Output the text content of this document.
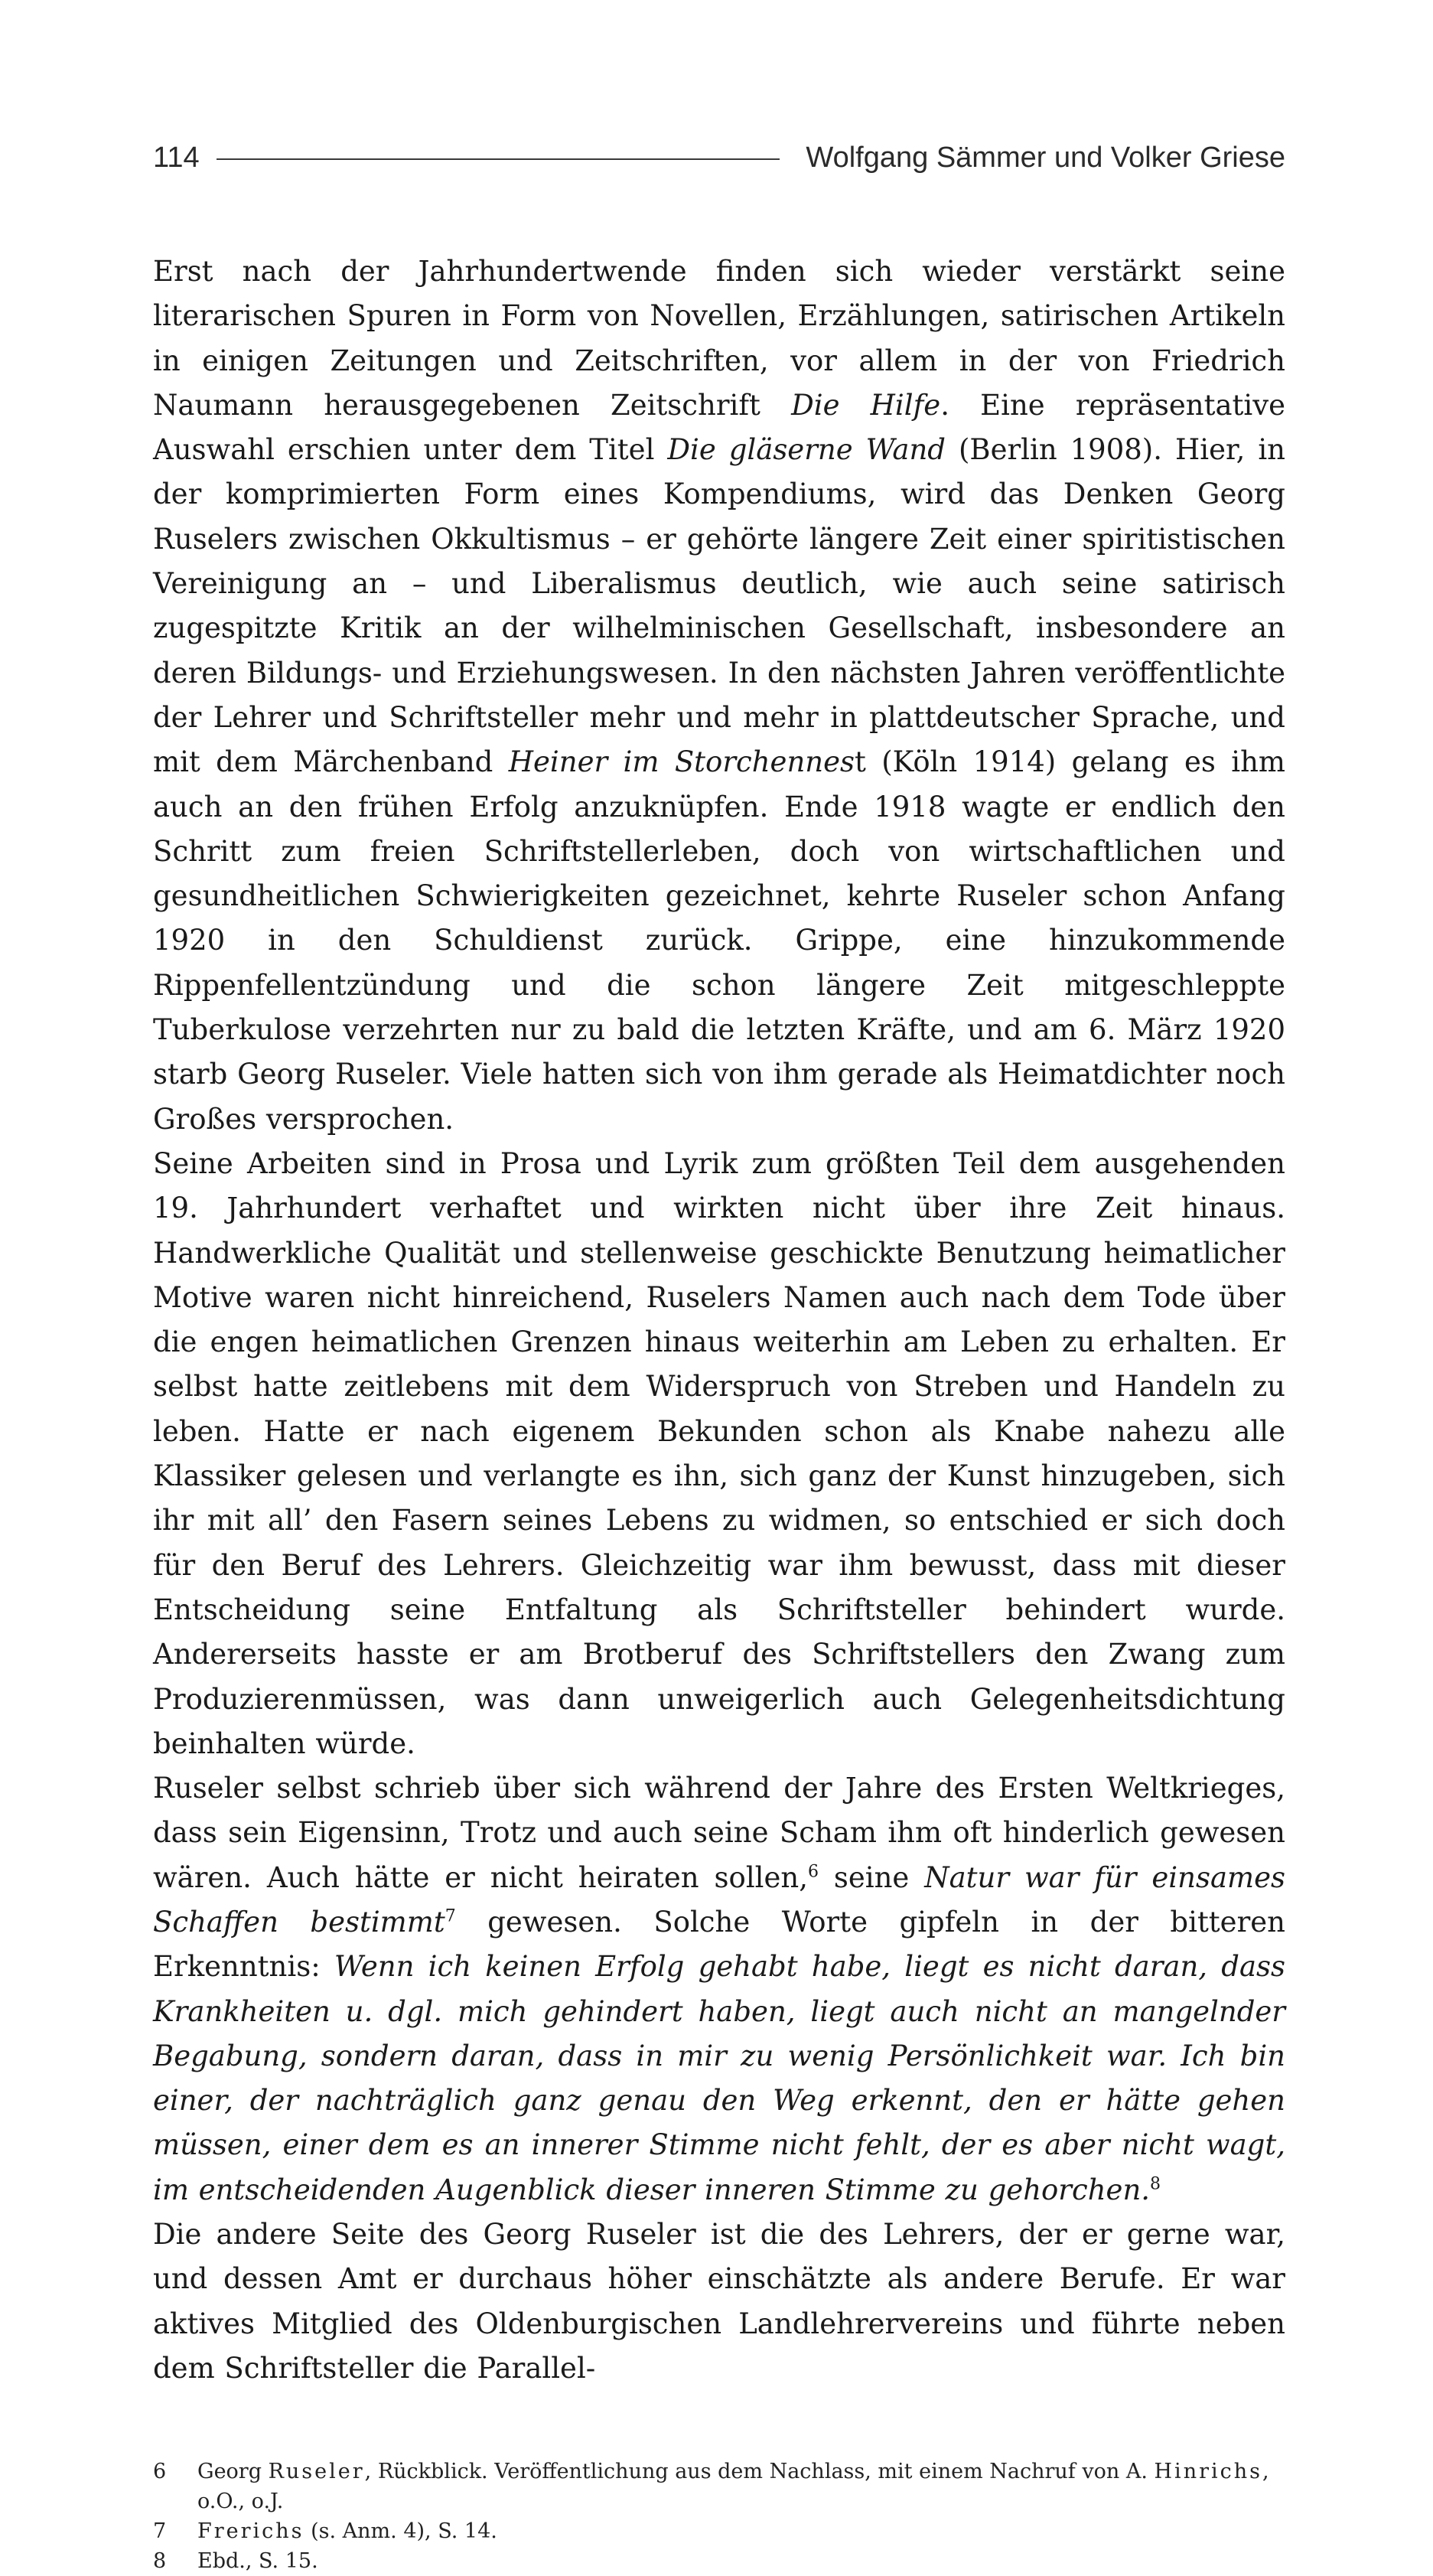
114	Wolfgang Sämmer und Volker Griese

Erst nach der Jahrhundertwende finden sich wieder verstärkt seine literarischen Spuren in Form von Novellen, Erzählungen, satirischen Artikeln in einigen Zeitungen und Zeitschriften, vor allem in der von Friedrich Naumann herausgegebenen Zeitschrift Die Hilfe. Eine repräsentative Auswahl erschien unter dem Titel Die gläserne Wand (Berlin 1908). Hier, in der komprimierten Form eines Kompendiums, wird das Denken Georg Ruselers zwischen Okkultismus – er gehörte längere Zeit einer spiritistischen Vereinigung an – und Liberalismus deutlich, wie auch seine satirisch zugespitzte Kritik an der wilhelminischen Gesellschaft, insbesondere an deren Bildungs- und Erziehungswesen. In den nächsten Jahren veröffentlichte der Lehrer und Schriftsteller mehr und mehr in plattdeutscher Sprache, und mit dem Märchenband Heiner im Storchennest (Köln 1914) gelang es ihm auch an den frühen Erfolg anzuknüpfen. Ende 1918 wagte er endlich den Schritt zum freien Schriftstellerleben, doch von wirtschaftlichen und gesundheitlichen Schwierigkeiten gezeichnet, kehrte Ruseler schon Anfang 1920 in den Schuldienst zurück. Grippe, eine hinzukommende Rippenfellentzündung und die schon längere Zeit mitgeschleppte Tuberkulose verzehrten nur zu bald die letzten Kräfte, und am 6. März 1920 starb Georg Ruseler. Viele hatten sich von ihm gerade als Heimatdichter noch Großes versprochen.

Seine Arbeiten sind in Prosa und Lyrik zum größten Teil dem ausgehenden 19. Jahrhundert verhaftet und wirkten nicht über ihre Zeit hinaus. Handwerkliche Qualität und stellenweise geschickte Benutzung heimatlicher Motive waren nicht hinreichend, Ruselers Namen auch nach dem Tode über die engen heimatlichen Grenzen hinaus weiterhin am Leben zu erhalten. Er selbst hatte zeitlebens mit dem Widerspruch von Streben und Handeln zu leben. Hatte er nach eigenem Bekunden schon als Knabe nahezu alle Klassiker gelesen und verlangte es ihn, sich ganz der Kunst hinzugeben, sich ihr mit all’ den Fasern seines Lebens zu widmen, so entschied er sich doch für den Beruf des Lehrers. Gleichzeitig war ihm bewusst, dass mit dieser Entscheidung seine Entfaltung als Schriftsteller behindert wurde. Andererseits hasste er am Brotberuf des Schriftstellers den Zwang zum Produzierenmüssen, was dann unweigerlich auch Gelegenheitsdichtung beinhalten würde.

Ruseler selbst schrieb über sich während der Jahre des Ersten Weltkrieges, dass sein Eigensinn, Trotz und auch seine Scham ihm oft hinderlich gewesen wären. Auch hätte er nicht heiraten sollen,$^6$ seine Natur war für einsames Schaffen bestimmt$^7$ gewesen. Solche Worte gipfeln in der bitteren Erkenntnis: Wenn ich keinen Erfolg gehabt habe, liegt es nicht daran, dass Krankheiten u. dgl. mich gehindert haben, liegt auch nicht an mangelnder Begabung, sondern daran, dass in mir zu wenig Persönlichkeit war. Ich bin einer, der nachträglich ganz genau den Weg erkennt, den er hätte gehen müssen, einer dem es an innerer Stimme nicht fehlt, der es aber nicht wagt, im entscheidenden Augenblick dieser inneren Stimme zu gehorchen.$^8$

Die andere Seite des Georg Ruseler ist die des Lehrers, der er gerne war, und dessen Amt er durchaus höher einschätzte als andere Berufe. Er war aktives Mitglied des Oldenburgischen Landlehrervereins und führte neben dem Schriftsteller die Parallel-

6	Georg Ruseler, Rückblick. Veröffentlichung aus dem Nachlass, mit einem Nachruf von A. Hinrichs, o.O., o.J.
7	Frerichs (s. Anm. 4), S. 14.
8	Ebd., S. 15.
